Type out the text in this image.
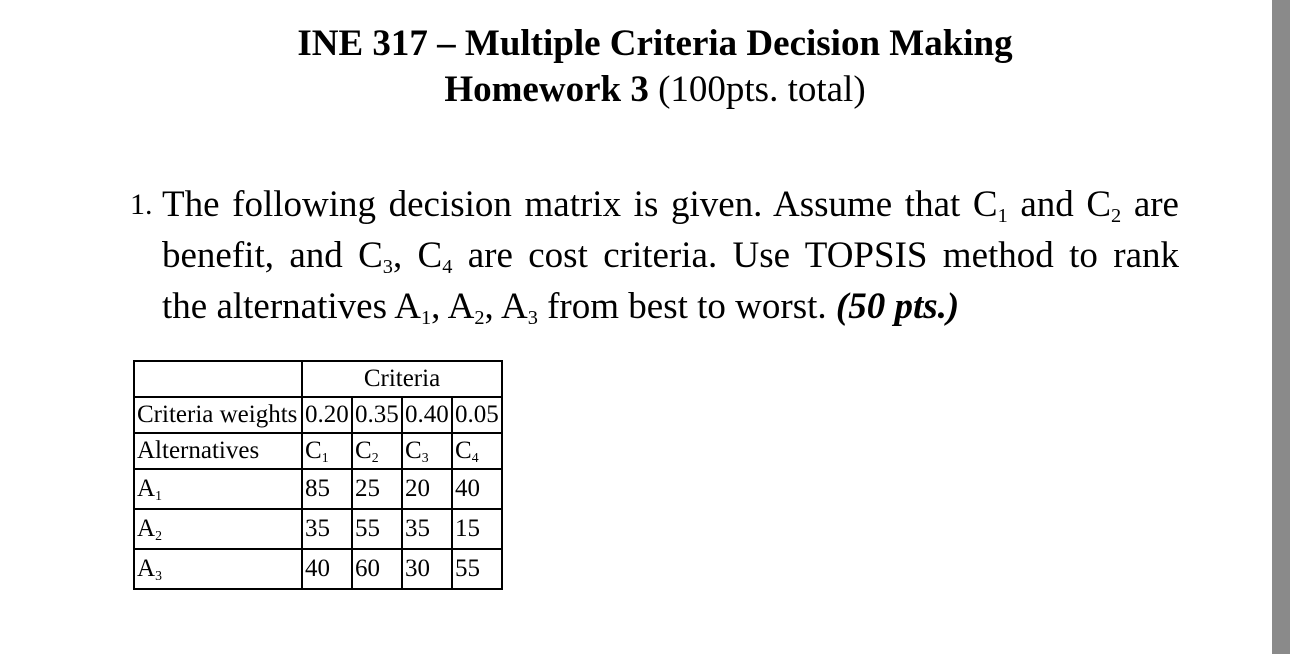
INE 317 – Multiple Criteria Decision Making
Homework 3 (100pts. total)
1. The following decision matrix is given. Assume that $C_1$ and $C_2$ are
benefit, and $C_3$, $C_4$ are cost criteria. Use TOPSIS method to rank
the alternatives $A_1$, $A_2$, $A_3$ from best to worst. (50 pts.)
	Criteria			
Criteria weights	0.20	0.35	0.40	0.05
Alternatives	$C_1$	$C_2$	$C_3$	$C_4$
$A_1$	85	25	20	40
$A_2$	35	55	35	15
$A_3$	40	60	30	55
